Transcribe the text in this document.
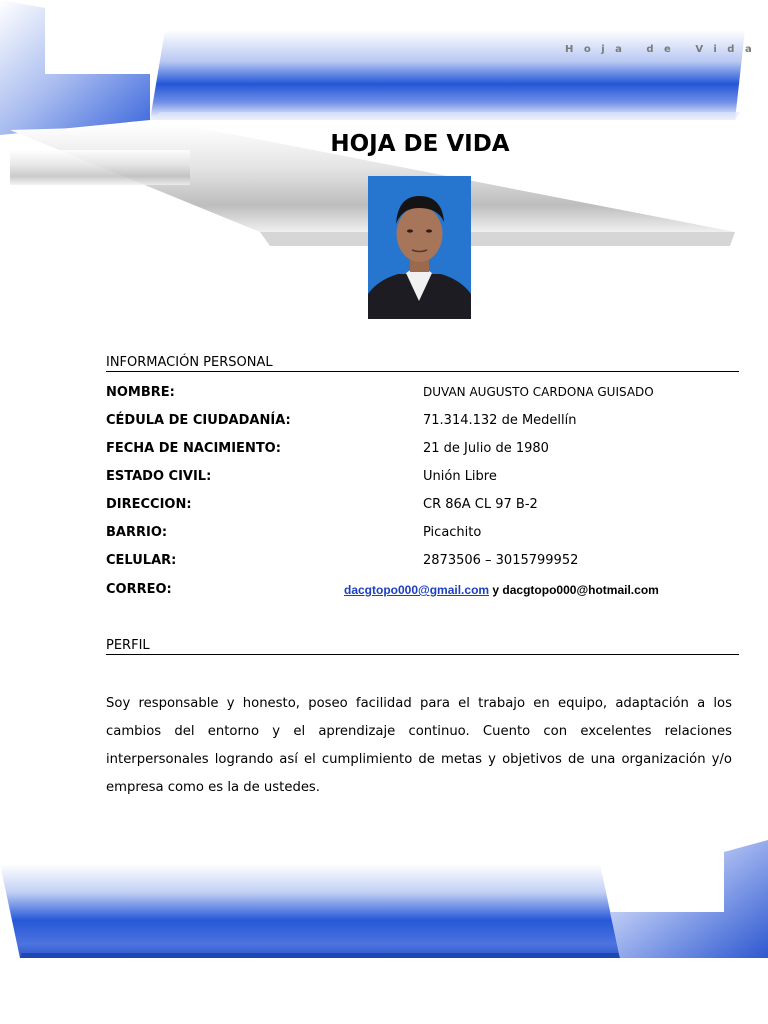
Hoja de Vida
HOJA DE VIDA
INFORMACIÓN PERSONAL
NOMBRE:	DUVAN AUGUSTO CARDONA GUISADO
CÉDULA DE CIUDADANÍA:	71.314.132 de Medellín
FECHA DE NACIMIENTO:	21 de Julio de 1980
ESTADO CIVIL:	Unión Libre
DIRECCION:	CR 86A CL 97 B-2
BARRIO:	Picachito
CELULAR:	2873506 – 3015799952
CORREO:	dacgtopo000@gmail.com y dacgtopo000@hotmail.com
PERFIL
Soy responsable y honesto, poseo facilidad para el trabajo en equipo, adaptación a los cambios del entorno y el aprendizaje continuo. Cuento con excelentes relaciones interpersonales logrando así el cumplimiento de metas y objetivos de una organización y/o empresa como es la de ustedes.
